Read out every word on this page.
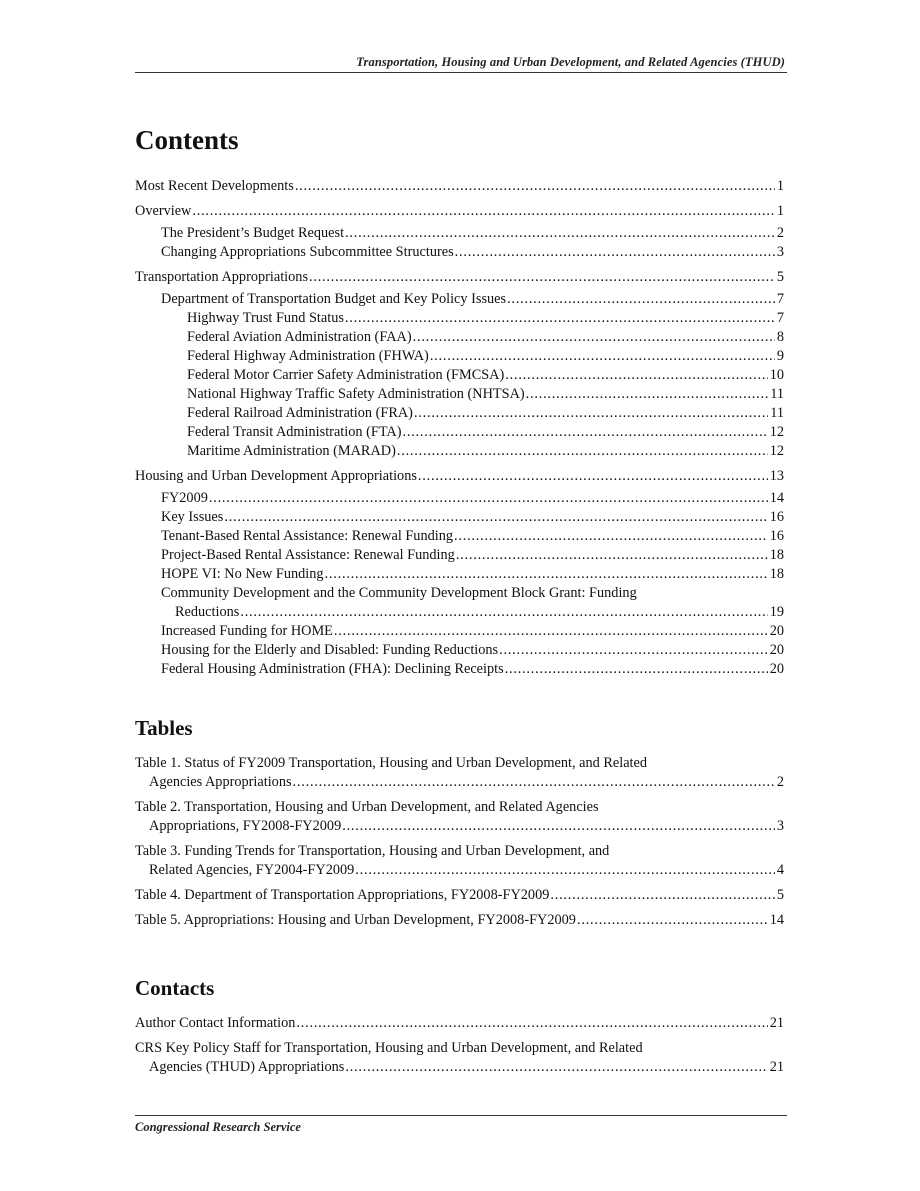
Transportation, Housing and Urban Development, and Related Agencies (THUD)
Contents
Most Recent Developments . . .	1
Overview . . .	1
The President’s Budget Request . . .	2
Changing Appropriations Subcommittee Structures . . .	3
Transportation Appropriations . . .	5
Department of Transportation Budget and Key Policy Issues . . .	7
Highway Trust Fund Status . . .	7
Federal Aviation Administration (FAA) . . .	8
Federal Highway Administration (FHWA) . . .	9
Federal Motor Carrier Safety Administration (FMCSA) . . .	10
National Highway Traffic Safety Administration (NHTSA) . . .	11
Federal Railroad Administration (FRA) . . .	11
Federal Transit Administration (FTA) . . .	12
Maritime Administration (MARAD) . . .	12
Housing and Urban Development Appropriations . . .	13
FY2009 . . .	14
Key Issues . . .	16
Tenant-Based Rental Assistance: Renewal Funding . . .	16
Project-Based Rental Assistance: Renewal Funding . . .	18
HOPE VI: No New Funding . . .	18
Community Development and the Community Development Block Grant: Funding
Reductions . . .	19
Increased Funding for HOME . . .	20
Housing for the Elderly and Disabled: Funding Reductions . . .	20
Federal Housing Administration (FHA): Declining Receipts . . .	20
Tables
Table 1. Status of FY2009 Transportation, Housing and Urban Development, and Related
Agencies Appropriations . . .	2
Table 2. Transportation, Housing and Urban Development, and Related Agencies
Appropriations, FY2008-FY2009 . . .	3
Table 3. Funding Trends for Transportation, Housing and Urban Development, and
Related Agencies, FY2004-FY2009 . . .	4
Table 4. Department of Transportation Appropriations, FY2008-FY2009 . . .	5
Table 5. Appropriations: Housing and Urban Development, FY2008-FY2009 . . .	14
Contacts
Author Contact Information . . .	21
CRS Key Policy Staff for Transportation, Housing and Urban Development, and Related
Agencies (THUD) Appropriations . . .	21
Congressional Research Service
